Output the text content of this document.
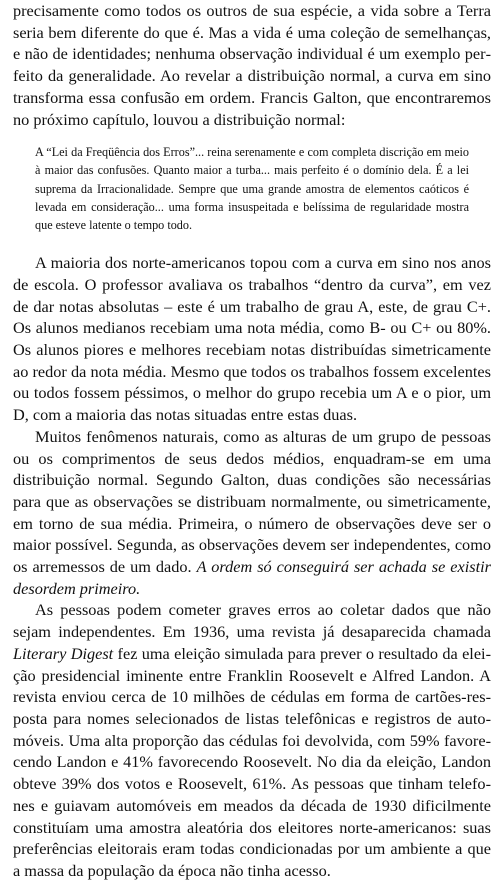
precisamente como todos os outros de sua espécie, a vida sobre a Terra seria bem diferente do que é. Mas a vida é uma coleção de semelhanças, e não de identidades; nenhuma observação individual é um exemplo perfeito da generalidade. Ao revelar a distribuição normal, a curva em sino transforma essa confusão em ordem. Francis Galton, que encontraremos no próximo capítulo, louvou a distribuição normal:

A “Lei da Freqüência dos Erros”... reina serenamente e com completa discrição em meio à maior das confusões. Quanto maior a turba... mais perfeito é o domínio dela. É a lei suprema da Irracionalidade. Sempre que uma grande amostra de elementos caóticos é levada em consideração... uma forma insuspeitada e belíssima de regularidade mostra que esteve latente o tempo todo.

A maioria dos norte-americanos topou com a curva em sino nos anos de escola. O professor avaliava os trabalhos “dentro da curva”, em vez de dar notas absolutas – este é um trabalho de grau A, este, de grau C+. Os alunos medianos recebiam uma nota média, como B- ou C+ ou 80%. Os alunos piores e melhores recebiam notas distribuídas simetricamente ao redor da nota média. Mesmo que todos os trabalhos fossem excelentes ou todos fossem péssimos, o melhor do grupo recebia um A e o pior, um D, com a maioria das notas situadas entre estas duas.

Muitos fenômenos naturais, como as alturas de um grupo de pessoas ou os comprimentos de seus dedos médios, enquadram-se em uma distribuição normal. Segundo Galton, duas condições são necessárias para que as observações se distribuam normalmente, ou simetricamente, em torno de sua média. Primeira, o número de observações deve ser o maior possível. Segunda, as observações devem ser independentes, como os arremessos de um dado. A ordem só conseguirá ser achada se existir desordem primeiro.

As pessoas podem cometer graves erros ao coletar dados que não sejam independentes. Em 1936, uma revista já desaparecida chamada Literary Digest fez uma eleição simulada para prever o resultado da eleição presidencial iminente entre Franklin Roosevelt e Alfred Landon. A revista enviou cerca de 10 milhões de cédulas em forma de cartões-resposta para nomes selecionados de listas telefônicas e registros de automóveis. Uma alta proporção das cédulas foi devolvida, com 59% favorecendo Landon e 41% favorecendo Roosevelt. No dia da eleição, Landon obteve 39% dos votos e Roosevelt, 61%. As pessoas que tinham telefones e guiavam automóveis em meados da década de 1930 dificilmente constituíam uma amostra aleatória dos eleitores norte-americanos: suas preferências eleitorais eram todas condicionadas por um ambiente a que a massa da população da época não tinha acesso.
